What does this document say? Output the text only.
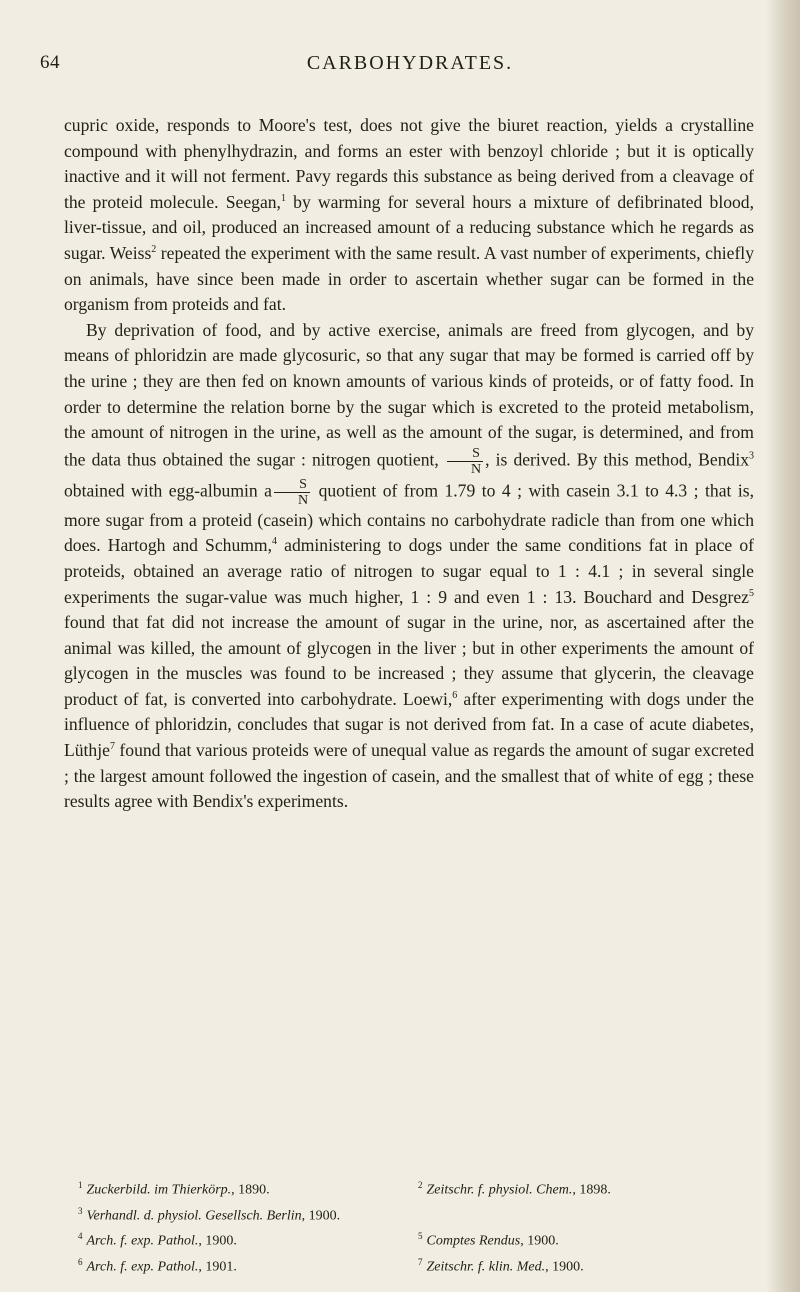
64	CARBOHYDRATES.

cupric oxide, responds to Moore's test, does not give the biuret reaction, yields a crystalline compound with phenylhydrazin, and forms an ester with benzoyl chloride ; but it is optically inactive and it will not ferment. Pavy regards this substance as being derived from a cleavage of the proteid molecule. Seegan,$^1$ by warming for several hours a mixture of defibrinated blood, liver-tissue, and oil, produced an increased amount of a reducing substance which he regards as sugar. Weiss$^2$ repeated the experiment with the same result. A vast number of experiments, chiefly on animals, have since been made in order to ascertain whether sugar can be formed in the organism from proteids and fat.

By deprivation of food, and by active exercise, animals are freed from glycogen, and by means of phloridzin are made glycosuric, so that any sugar that may be formed is carried off by the urine ; they are then fed on known amounts of various kinds of proteids, or of fatty food. In order to determine the relation borne by the sugar which is excreted to the proteid metabolism, the amount of nitrogen in the urine, as well as the amount of the sugar, is determined, and from the data thus obtained the sugar : nitrogen quotient, $\frac{S}{N}$ , is derived. By this method, Bendix$^3$ obtained with egg-albumin a $\frac{S}{N}$ quotient of from 1.79 to 4 ; with casein 3.1 to 4.3 ; that is, more sugar from a proteid (casein) which contains no carbohydrate radicle than from one which does. Hartogh and Schumm,$^4$ administering to dogs under the same conditions fat in place of proteids, obtained an average ratio of nitrogen to sugar equal to 1 : 4.1 ; in several single experiments the sugar-value was much higher, 1 : 9 and even 1 : 13. Bouchard and Desgrez$^5$ found that fat did not increase the amount of sugar in the urine, nor, as ascertained after the animal was killed, the amount of glycogen in the liver ; but in other experiments the amount of glycogen in the muscles was found to be increased ; they assume that glycerin, the cleavage product of fat, is converted into carbohydrate. Loewi,$^6$ after experimenting with dogs under the influence of phloridzin, concludes that sugar is not derived from fat. In a case of acute diabetes, Lüthje$^7$ found that various proteids were of unequal value as regards the amount of sugar excreted ; the largest amount followed the ingestion of casein, and the smallest that of white of egg ; these results agree with Bendix's experiments.

$^1$ Zuckerbild. im Thierkörp., 1890.	$^2$ Zeitschr. f. physiol. Chem., 1898.
$^3$ Verhandl. d. physiol. Gesellsch. Berlin, 1900.
$^4$ Arch. f. exp. Pathol., 1900.	$^5$ Comptes Rendus, 1900.
$^6$ Arch. f. exp. Pathol., 1901.	$^7$ Zeitschr. f. klin. Med., 1900.
